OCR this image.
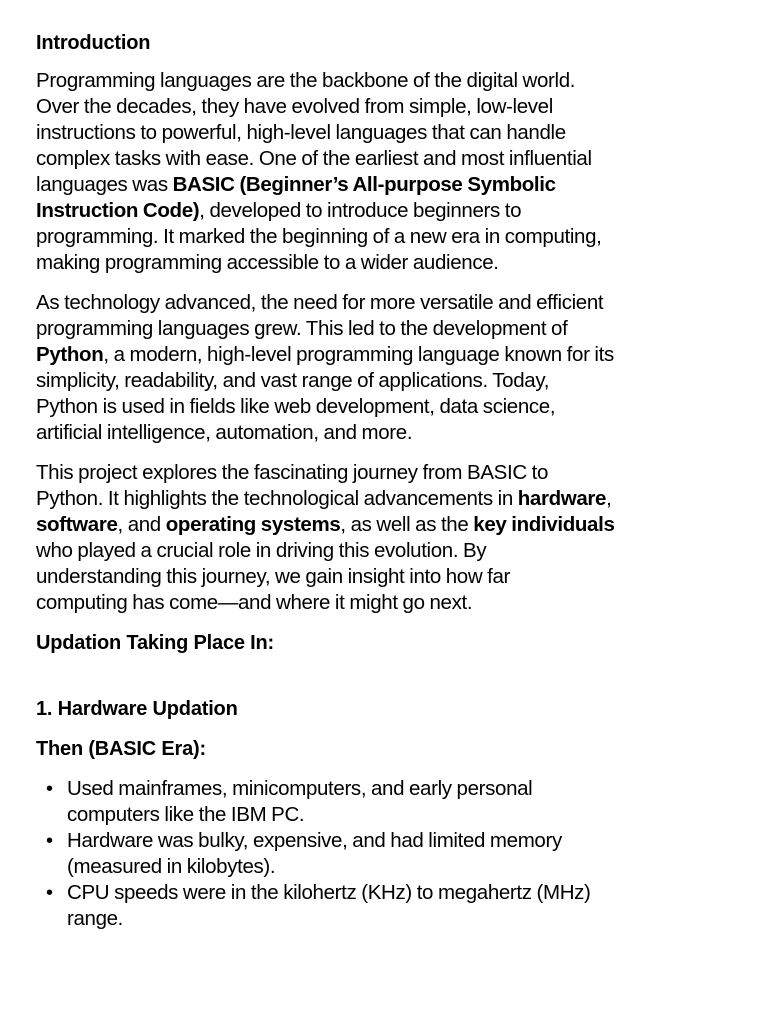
Introduction

Programming languages are the backbone of the digital world.
Over the decades, they have evolved from simple, low-level
instructions to powerful, high-level languages that can handle
complex tasks with ease. One of the earliest and most influential
languages was BASIC (Beginner’s All-purpose Symbolic
Instruction Code), developed to introduce beginners to
programming. It marked the beginning of a new era in computing,
making programming accessible to a wider audience.

As technology advanced, the need for more versatile and efficient
programming languages grew. This led to the development of
Python, a modern, high-level programming language known for its
simplicity, readability, and vast range of applications. Today,
Python is used in fields like web development, data science,
artificial intelligence, automation, and more.

This project explores the fascinating journey from BASIC to
Python. It highlights the technological advancements in hardware,
software, and operating systems, as well as the key individuals
who played a crucial role in driving this evolution. By
understanding this journey, we gain insight into how far
computing has come—and where it might go next.

Updation Taking Place In:

1. Hardware Updation

Then (BASIC Era):

• Used mainframes, minicomputers, and early personal
computers like the IBM PC.
• Hardware was bulky, expensive, and had limited memory
(measured in kilobytes).
• CPU speeds were in the kilohertz (KHz) to megahertz (MHz)
range.
